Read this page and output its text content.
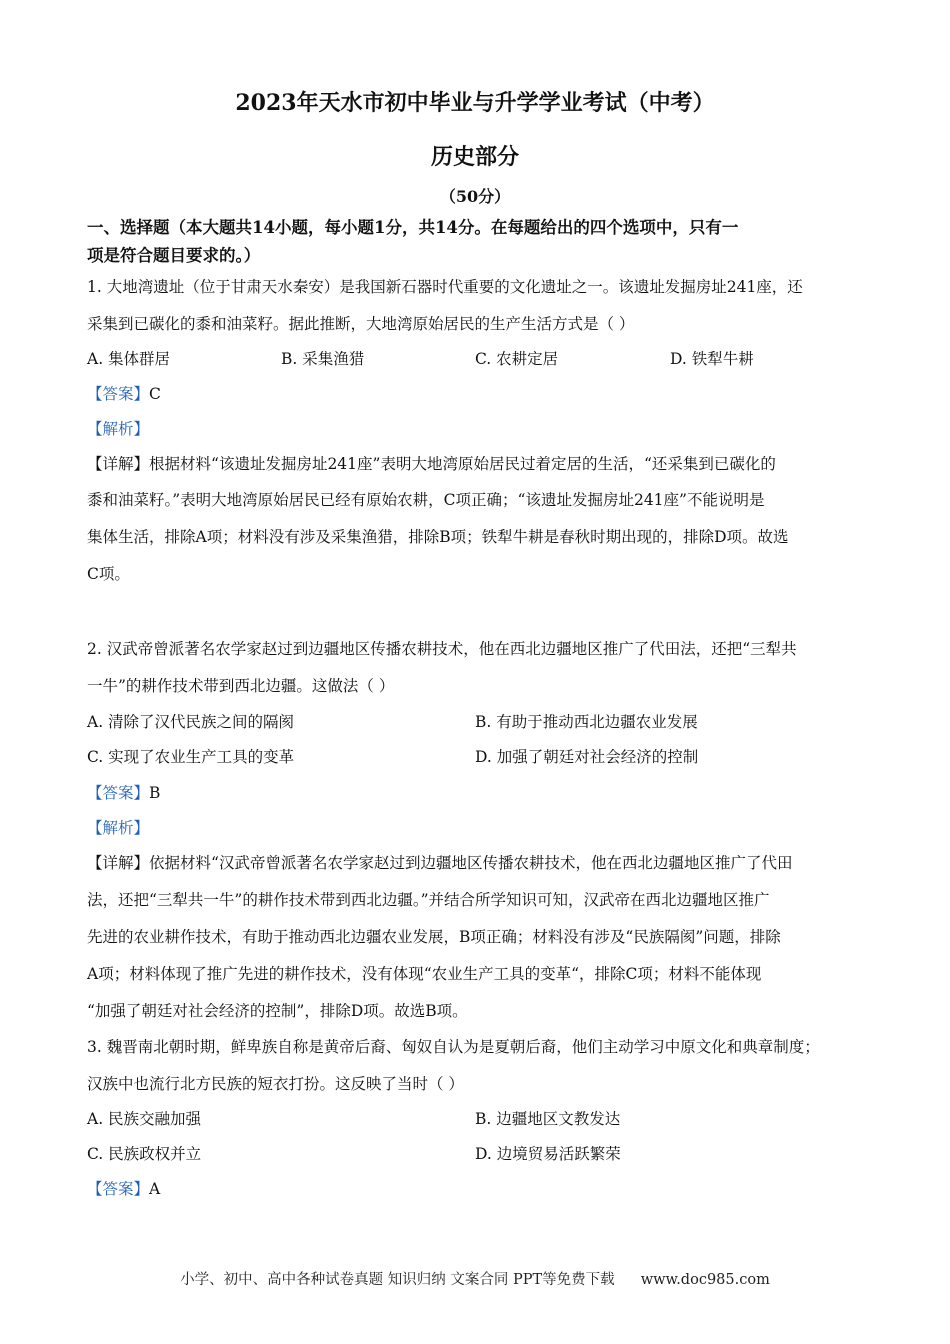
2023年天水市初中毕业与升学学业考试（中考）
历史部分
（50分）
一、选择题（本大题共14小题，每小题1分，共14分。在每题给出的四个选项中，只有一
项是符合题目要求的。）
1. 大地湾遗址（位于甘肃天水秦安）是我国新石器时代重要的文化遗址之一。该遗址发掘房址241座，还
采集到已碳化的黍和油菜籽。据此推断，大地湾原始居民的生产生活方式是（ ）
A. 集体群居	B. 采集渔猎	C. 农耕定居	D. 铁犁牛耕
【答案】C
【解析】
【详解】根据材料“该遗址发掘房址241座”表明大地湾原始居民过着定居的生活，“还采集到已碳化的
黍和油菜籽。”表明大地湾原始居民已经有原始农耕，C项正确；“该遗址发掘房址241座”不能说明是
集体生活，排除A项；材料没有涉及采集渔猎，排除B项；铁犁牛耕是春秋时期出现的，排除D项。故选
C项。
2. 汉武帝曾派著名农学家赵过到边疆地区传播农耕技术，他在西北边疆地区推广了代田法，还把“三犁共
一牛”的耕作技术带到西北边疆。这做法（ ）
A. 清除了汉代民族之间的隔阂	B. 有助于推动西北边疆农业发展
C. 实现了农业生产工具的变革	D. 加强了朝廷对社会经济的控制
【答案】B
【解析】
【详解】依据材料“汉武帝曾派著名农学家赵过到边疆地区传播农耕技术，他在西北边疆地区推广了代田
法，还把“三犁共一牛”的耕作技术带到西北边疆。”并结合所学知识可知，汉武帝在西北边疆地区推广
先进的农业耕作技术，有助于推动西北边疆农业发展，B项正确；材料没有涉及“民族隔阂”问题，排除
A项；材料体现了推广先进的耕作技术，没有体现“农业生产工具的变革“，排除C项；材料不能体现
“加强了朝廷对社会经济的控制”，排除D项。故选B项。
3. 魏晋南北朝时期，鲜卑族自称是黄帝后裔、匈奴自认为是夏朝后裔，他们主动学习中原文化和典章制度；
汉族中也流行北方民族的短衣打扮。这反映了当时（ ）
A. 民族交融加强	B. 边疆地区文教发达
C. 民族政权并立	D. 边境贸易活跃繁荣
【答案】A
小学、初中、高中各种试卷真题 知识归纳 文案合同 PPT等免费下载 www.doc985.com
